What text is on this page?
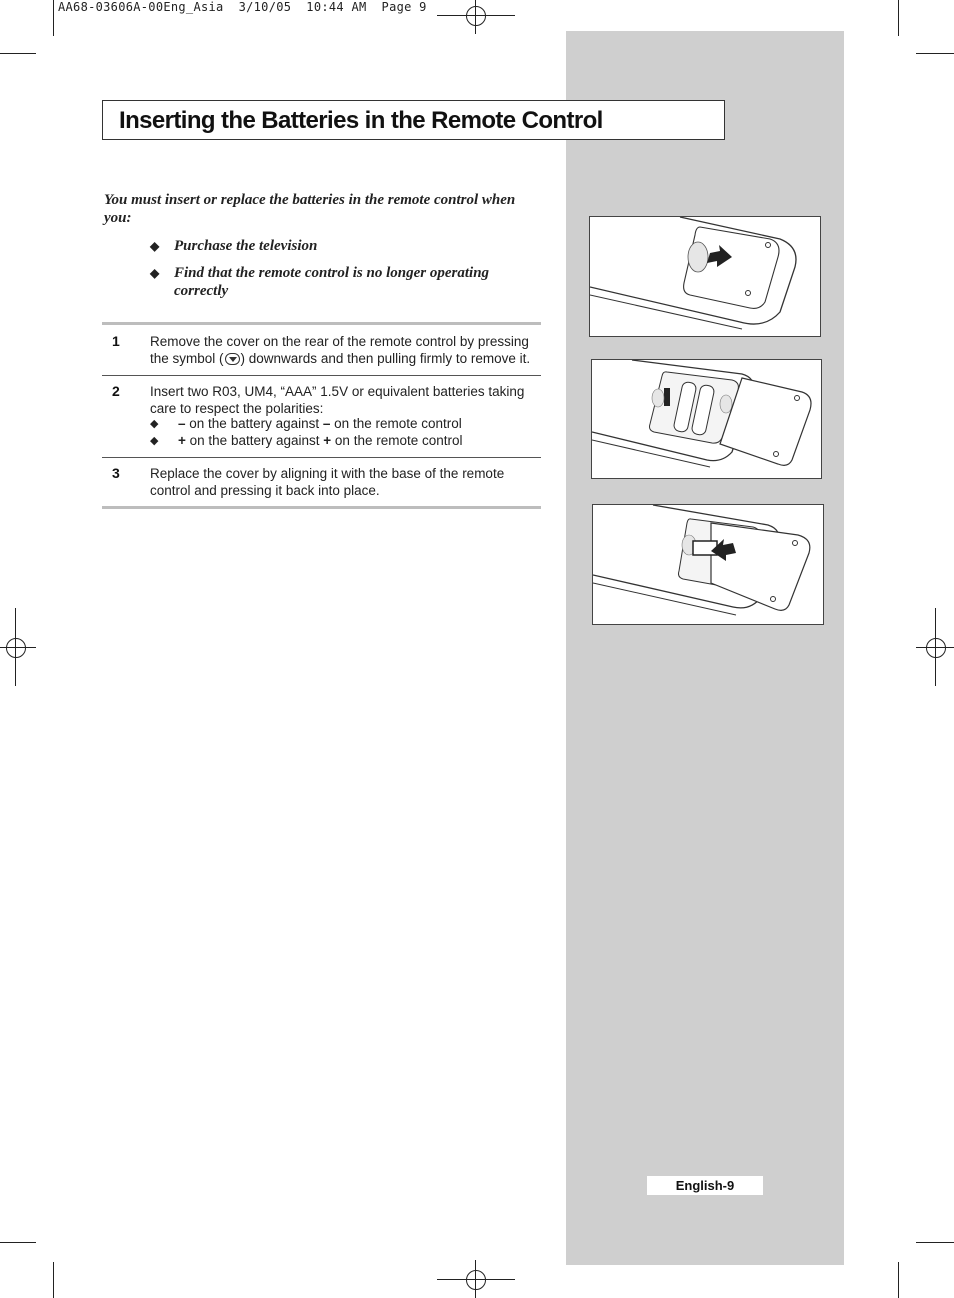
AA68-03606A-00Eng_Asia  3/10/05  10:44 AM  Page 9
Inserting the Batteries in the Remote Control
You must insert or replace the batteries in the remote control when you:
◆ Purchase the television
◆ Find that the remote control is no longer operating correctly
1 Remove the cover on the rear of the remote control by pressing the symbol ( ) downwards and then pulling firmly to remove it.
2 Insert two R03, UM4, “AAA” 1.5V or equivalent batteries taking care to respect the polarities:
◆ – on the battery against – on the remote control
◆ + on the battery against + on the remote control
3 Replace the cover by aligning it with the base of the remote control and pressing it back into place.
English-9
